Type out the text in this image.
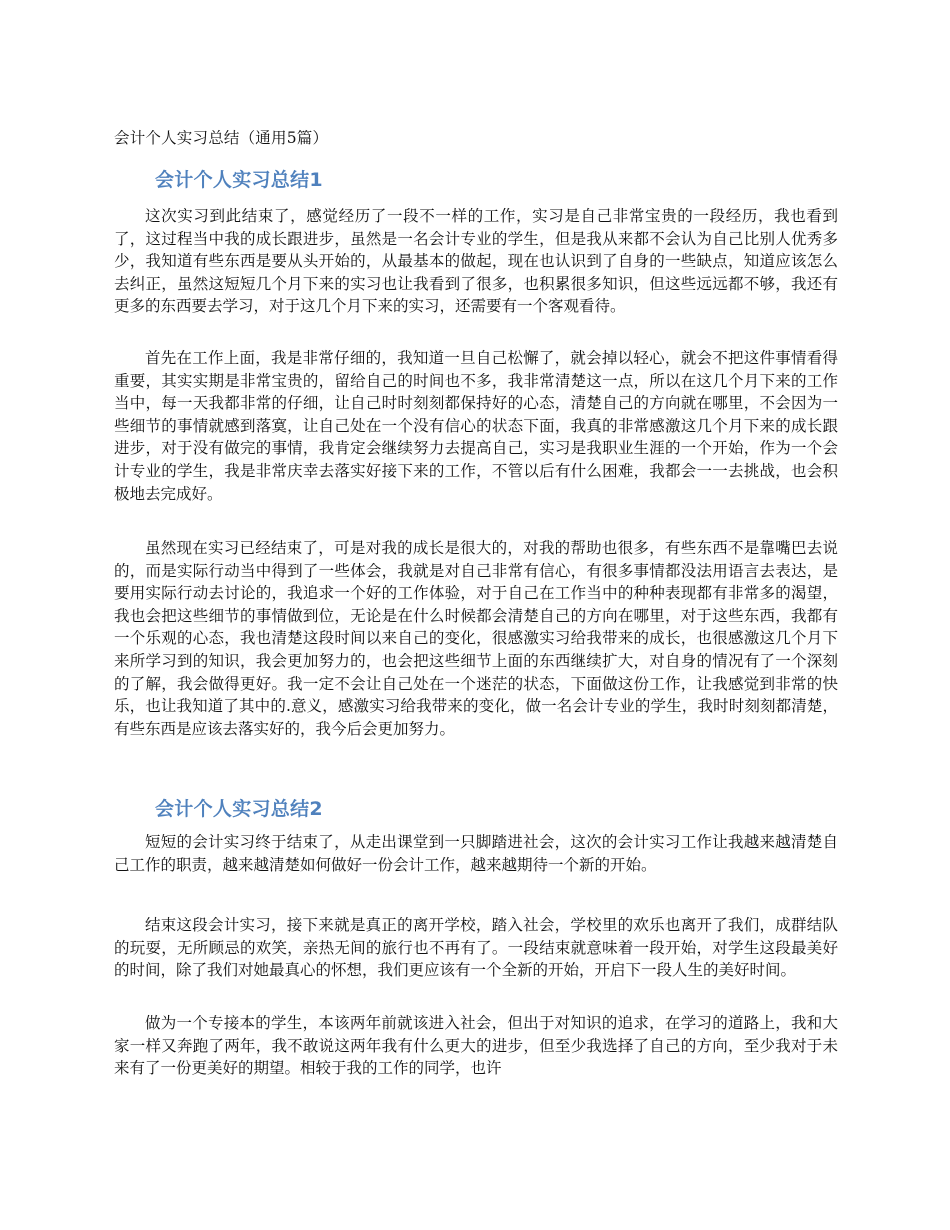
会计个人实习总结（通用5篇）
会计个人实习总结1

这次实习到此结束了，感觉经历了一段不一样的工作，实习是自己非常宝贵的一段经历，我也看到了，这过程当中我的成长跟进步，虽然是一名会计专业的学生，但是我从来都不会认为自己比别人优秀多少，我知道有些东西是要从头开始的，从最基本的做起，现在也认识到了自身的一些缺点，知道应该怎么去纠正，虽然这短短几个月下来的实习也让我看到了很多，也积累很多知识，但这些远远都不够，我还有更多的东西要去学习，对于这几个月下来的实习，还需要有一个客观看待。

首先在工作上面，我是非常仔细的，我知道一旦自己松懈了，就会掉以轻心，就会不把这件事情看得重要，其实实期是非常宝贵的，留给自己的时间也不多，我非常清楚这一点，所以在这几个月下来的工作当中，每一天我都非常的仔细，让自己时时刻刻都保持好的心态，清楚自己的方向就在哪里，不会因为一些细节的事情就感到落寞，让自己处在一个没有信心的状态下面，我真的非常感激这几个月下来的成长跟进步，对于没有做完的事情，我肯定会继续努力去提高自己，实习是我职业生涯的一个开始，作为一个会计专业的学生，我是非常庆幸去落实好接下来的工作，不管以后有什么困难，我都会一一去挑战，也会积极地去完成好。

虽然现在实习已经结束了，可是对我的成长是很大的，对我的帮助也很多，有些东西不是靠嘴巴去说的，而是实际行动当中得到了一些体会，我就是对自己非常有信心，有很多事情都没法用语言去表达，是要用实际行动去讨论的，我追求一个好的工作体验，对于自己在工作当中的种种表现都有非常多的渴望，我也会把这些细节的事情做到位，无论是在什么时候都会清楚自己的方向在哪里，对于这些东西，我都有一个乐观的心态，我也清楚这段时间以来自己的变化，很感激实习给我带来的成长，也很感激这几个月下来所学习到的知识，我会更加努力的，也会把这些细节上面的东西继续扩大，对自身的情况有了一个深刻的了解，我会做得更好。我一定不会让自己处在一个迷茫的状态，下面做这份工作，让我感觉到非常的快乐，也让我知道了其中的.意义，感激实习给我带来的变化，做一名会计专业的学生，我时时刻刻都清楚，有些东西是应该去落实好的，我今后会更加努力。

会计个人实习总结2

短短的会计实习终于结束了，从走出课堂到一只脚踏进社会，这次的会计实习工作让我越来越清楚自己工作的职责，越来越清楚如何做好一份会计工作，越来越期待一个新的开始。

结束这段会计实习，接下来就是真正的离开学校，踏入社会，学校里的欢乐也离开了我们，成群结队的玩耍，无所顾忌的欢笑，亲热无间的旅行也不再有了。一段结束就意味着一段开始，对学生这段最美好的时间，除了我们对她最真心的怀想，我们更应该有一个全新的开始，开启下一段人生的美好时间。

做为一个专接本的学生，本该两年前就该进入社会，但出于对知识的追求，在学习的道路上，我和大家一样又奔跑了两年，我不敢说这两年我有什么更大的进步，但至少我选择了自己的方向，至少我对于未来有了一份更美好的期望。相较于我的工作的同学，也许
